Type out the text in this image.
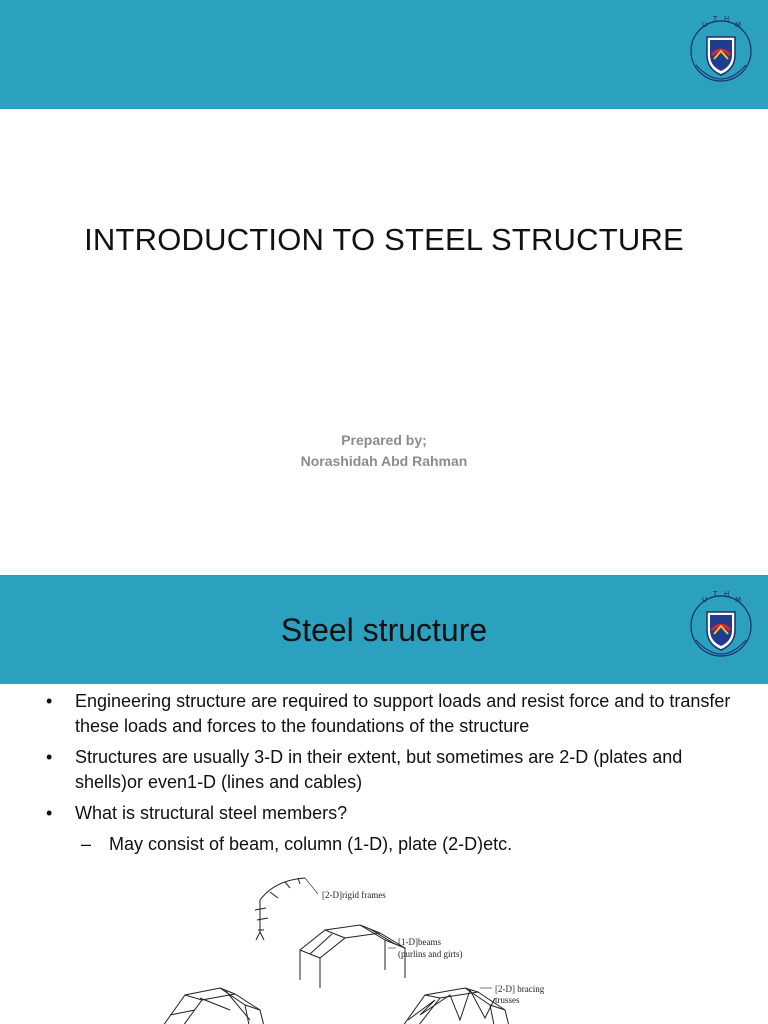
U
T H
M
INTRODUCTION TO STEEL STRUCTURE
Prepared by;
Norashidah Abd Rahman
Steel structure
U
T H
M
• Engineering structure are required to support loads and resist force and to transfer these loads and forces to the foundations of the structure
• Structures are usually 3-D in their extent, but sometimes are 2-D (plates and shells)or even1-D (lines and cables)
• What is structural steel members?
– May consist of beam, column (1-D), plate (2-D)etc.
[2-D]rigid frames
[1-D]beams
(purlins and girts)
[2-D] bracing
trusses
